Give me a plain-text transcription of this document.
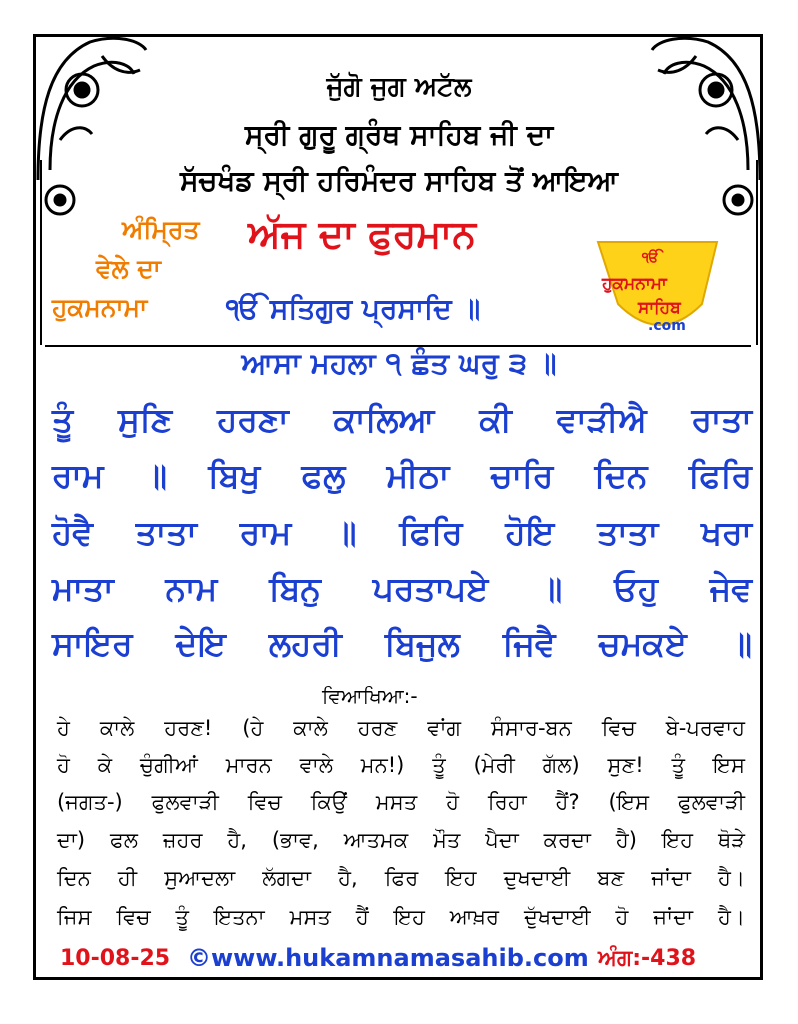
ਜੁੱਗੋ ਜੁਗ ਅਟੱਲ
ਸ੍ਰੀ ਗੁਰੂ ਗ੍ਰੰਥ ਸਾਹਿਬ ਜੀ ਦਾ
ਸੱਚਖੰਡ ਸ੍ਰੀ ਹਰਿਮੰਦਰ ਸਾਹਿਬ ਤੋਂ ਆਇਆ
ਅੱਜ ਦਾ ਫੁਰਮਾਨ
ਅੰਮ੍ਰਿਤ
ਵੇਲੇ ਦਾ
ਹੁਕਮਨਾਮਾ	ੴ ਸਤਿਗੁਰ ਪ੍ਰਸਾਦਿ ॥
ੴ
ਹੁਕਮਨਾਮਾ
ਸਾਹਿਬ
.com
ਆਸਾ ਮਹਲਾ ੧ ਛੰਤ ਘਰੁ ੩ ॥
ਤੂੰ ਸੁਣਿ ਹਰਣਾ ਕਾਲਿਆ ਕੀ ਵਾੜੀਐ ਰਾਤਾ
ਰਾਮ ॥ ਬਿਖੁ ਫਲੁ ਮੀਠਾ ਚਾਰਿ ਦਿਨ ਫਿਰਿ
ਹੋਵੈ ਤਾਤਾ ਰਾਮ ॥ ਫਿਰਿ ਹੋਇ ਤਾਤਾ ਖਰਾ
ਮਾਤਾ ਨਾਮ ਬਿਨੁ ਪਰਤਾਪਏ ॥ ਓਹੁ ਜੇਵ
ਸਾਇਰ ਦੇਇ ਲਹਰੀ ਬਿਜੁਲ ਜਿਵੈ ਚਮਕਏ ॥
ਵਿਆਖਿਆ:-
ਹੇ ਕਾਲੇ ਹਰਣ! (ਹੇ ਕਾਲੇ ਹਰਣ ਵਾਂਗ ਸੰਸਾਰ-ਬਨ ਵਿਚ ਬੇ-ਪਰਵਾਹ
ਹੋ ਕੇ ਚੁੰਗੀਆਂ ਮਾਰਨ ਵਾਲੇ ਮਨ!) ਤੂੰ (ਮੇਰੀ ਗੱਲ) ਸੁਣ! ਤੂੰ ਇਸ
(ਜਗਤ-) ਫੁਲਵਾੜੀ ਵਿਚ ਕਿਉਂ ਮਸਤ ਹੋ ਰਿਹਾ ਹੈਂ? (ਇਸ ਫੁਲਵਾੜੀ
ਦਾ) ਫਲ ਜ਼ਹਰ ਹੈ, (ਭਾਵ, ਆਤਮਕ ਮੌਤ ਪੈਦਾ ਕਰਦਾ ਹੈ) ਇਹ ਥੋੜੇ
ਦਿਨ ਹੀ ਸੁਆਦਲਾ ਲੱਗਦਾ ਹੈ, ਫਿਰ ਇਹ ਦੁਖਦਾਈ ਬਣ ਜਾਂਦਾ ਹੈ।
ਜਿਸ ਵਿਚ ਤੂੰ ਇਤਨਾ ਮਸਤ ਹੈਂ ਇਹ ਆਖ਼ਰ ਦੁੱਖਦਾਈ ਹੋ ਜਾਂਦਾ ਹੈ।
10-08-25 ©www.hukamnamasahib.com ਅੰਗ:-438
